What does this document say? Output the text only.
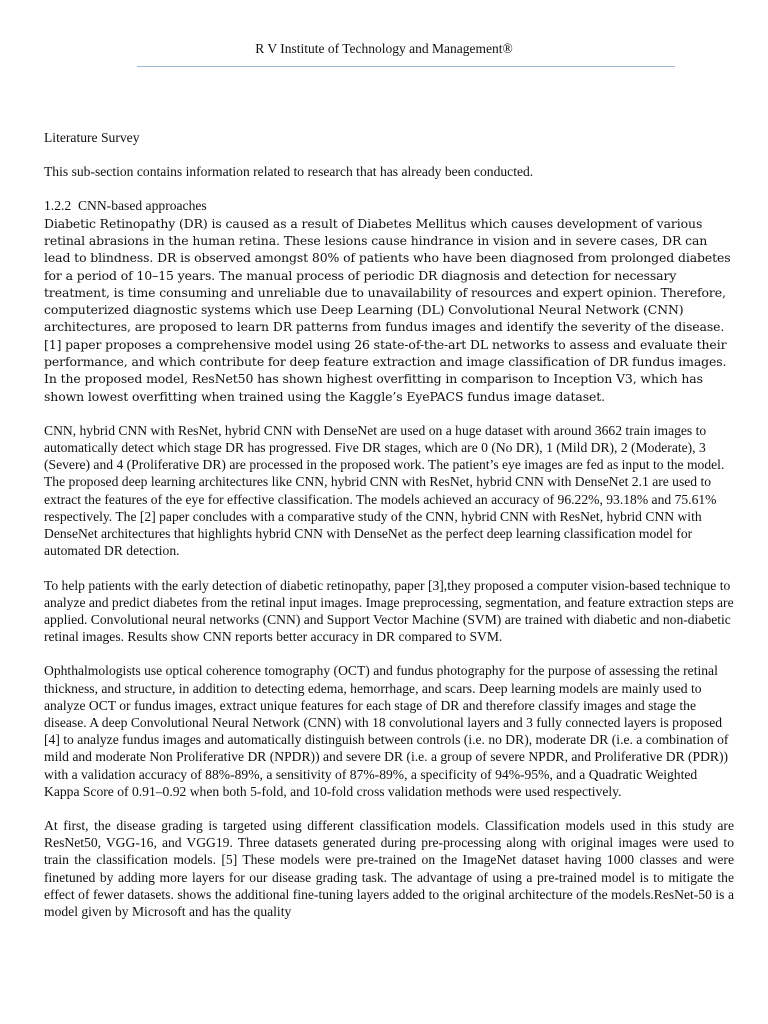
R V Institute of Technology and Management®

Literature Survey

This sub-section contains information related to research that has already been conducted.

1.2.2 CNN-based approaches

Diabetic Retinopathy (DR) is caused as a result of Diabetes Mellitus which causes development of various retinal abrasions in the human retina. These lesions cause hindrance in vision and in severe cases, DR can lead to blindness. DR is observed amongst 80% of patients who have been diagnosed from prolonged diabetes for a period of 10–15 years. The manual process of periodic DR diagnosis and detection for necessary treatment, is time consuming and unreliable due to unavailability of resources and expert opinion. Therefore, computerized diagnostic systems which use Deep Learning (DL) Convolutional Neural Network (CNN) architectures, are proposed to learn DR patterns from fundus images and identify the severity of the disease. [1] paper proposes a comprehensive model using 26 state-of-the-art DL networks to assess and evaluate their performance, and which contribute for deep feature extraction and image classification of DR fundus images. In the proposed model, ResNet50 has shown highest overfitting in comparison to Inception V3, which has shown lowest overfitting when trained using the Kaggle’s EyePACS fundus image dataset.

CNN, hybrid CNN with ResNet, hybrid CNN with DenseNet are used on a huge dataset with around 3662 train images to automatically detect which stage DR has progressed. Five DR stages, which are 0 (No DR), 1 (Mild DR), 2 (Moderate), 3 (Severe) and 4 (Proliferative DR) are processed in the proposed work. The patient’s eye images are fed as input to the model. The proposed deep learning architectures like CNN, hybrid CNN with ResNet, hybrid CNN with DenseNet 2.1 are used to extract the features of the eye for effective classification. The models achieved an accuracy of 96.22%, 93.18% and 75.61% respectively. The [2] paper concludes with a comparative study of the CNN, hybrid CNN with ResNet, hybrid CNN with DenseNet architectures that highlights hybrid CNN with DenseNet as the perfect deep learning classification model for automated DR detection.

To help patients with the early detection of diabetic retinopathy, paper [3],they proposed a computer vision-based technique to analyze and predict diabetes from the retinal input images. Image preprocessing, segmentation, and feature extraction steps are applied. Convolutional neural networks (CNN) and Support Vector Machine (SVM) are trained with diabetic and non-diabetic retinal images. Results show CNN reports better accuracy in DR compared to SVM.

Ophthalmologists use optical coherence tomography (OCT) and fundus photography for the purpose of assessing the retinal thickness, and structure, in addition to detecting edema, hemorrhage, and scars. Deep learning models are mainly used to analyze OCT or fundus images, extract unique features for each stage of DR and therefore classify images and stage the disease. A deep Convolutional Neural Network (CNN) with 18 convolutional layers and 3 fully connected layers is proposed [4] to analyze fundus images and automatically distinguish between controls (i.e. no DR), moderate DR (i.e. a combination of mild and moderate Non Proliferative DR (NPDR)) and severe DR (i.e. a group of severe NPDR, and Proliferative DR (PDR)) with a validation accuracy of 88%-89%, a sensitivity of 87%-89%, a specificity of 94%-95%, and a Quadratic Weighted Kappa Score of 0.91–0.92 when both 5-fold, and 10-fold cross validation methods were used respectively.

At first, the disease grading is targeted using different classification models. Classification models used in this study are ResNet50, VGG-16, and VGG19. Three datasets generated during pre-processing along with original images were used to train the classification models. [5] These models were pre-trained on the ImageNet dataset having 1000 classes and were finetuned by adding more layers for our disease grading task. The advantage of using a pre-trained model is to mitigate the effect of fewer datasets. shows the additional fine-tuning layers added to the original architecture of the models.ResNet-50 is a model given by Microsoft and has the quality
